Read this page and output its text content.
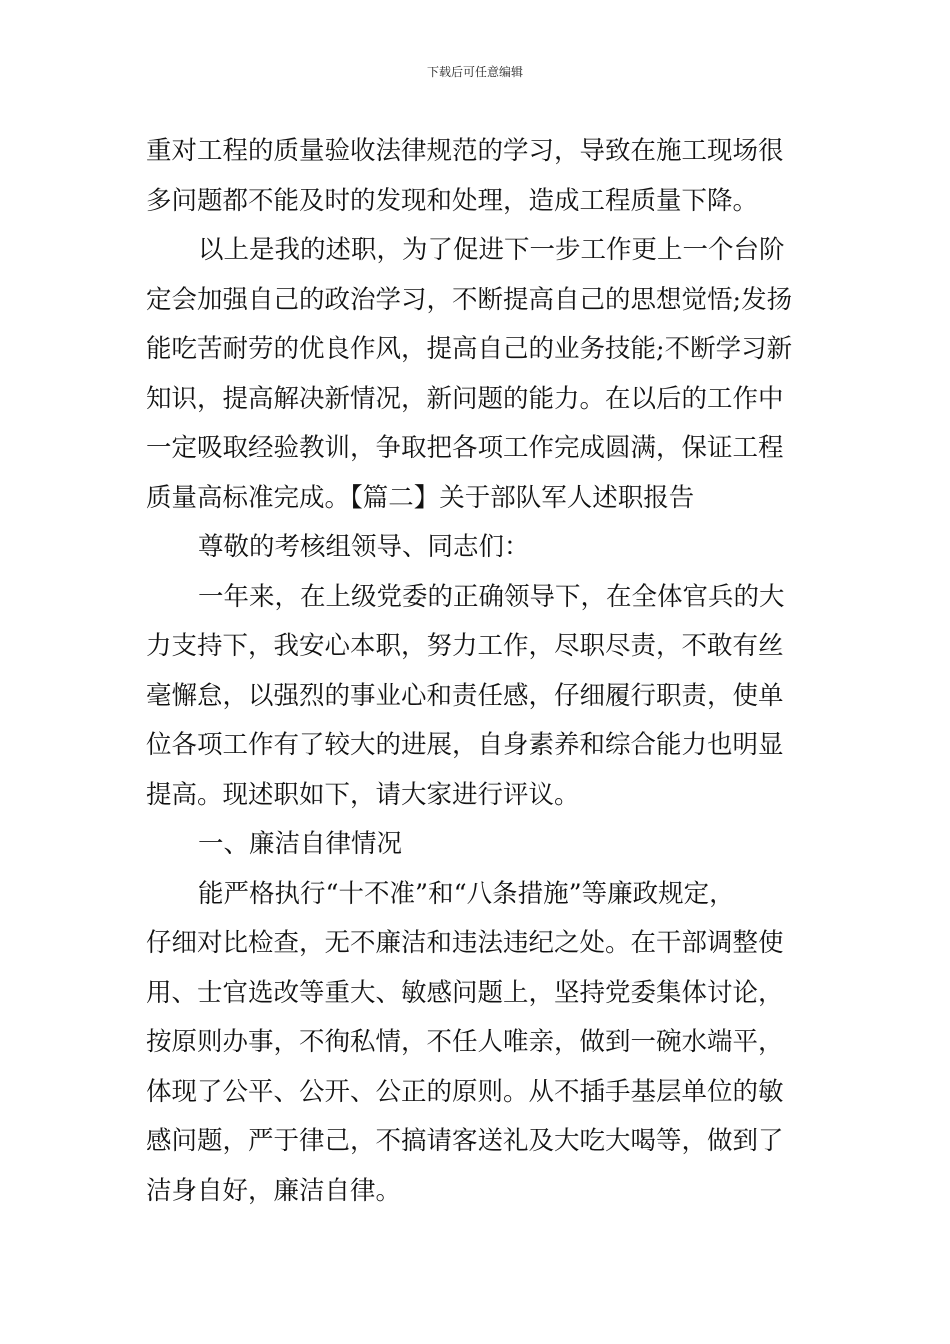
下载后可任意编辑
重对工程的质量验收法律规范的学习，导致在施工现场很
多问题都不能及时的发现和处理，造成工程质量下降。
以上是我的述职，为了促进下一步工作更上一个台阶
定会加强自己的政治学习，不断提高自己的思想觉悟;发扬
能吃苦耐劳的优良作风，提高自己的业务技能;不断学习新
知识，提高解决新情况，新问题的能力。在以后的工作中
一定吸取经验教训，争取把各项工作完成圆满，保证工程
质量高标准完成。【篇二】关于部队军人述职报告
尊敬的考核组领导、同志们：
一年来，在上级党委的正确领导下，在全体官兵的大
力支持下，我安心本职，努力工作，尽职尽责，不敢有丝
毫懈怠，以强烈的事业心和责任感，仔细履行职责，使单
位各项工作有了较大的进展，自身素养和综合能力也明显
提高。现述职如下，请大家进行评议。
一、廉洁自律情况
能严格执行“十不准”和“八条措施”等廉政规定，
仔细对比检查，无不廉洁和违法违纪之处。在干部调整使
用、士官选改等重大、敏感问题上，坚持党委集体讨论，
按原则办事，不徇私情，不任人唯亲，做到一碗水端平，
体现了公平、公开、公正的原则。从不插手基层单位的敏
感问题，严于律己，不搞请客送礼及大吃大喝等，做到了
洁身自好，廉洁自律。
